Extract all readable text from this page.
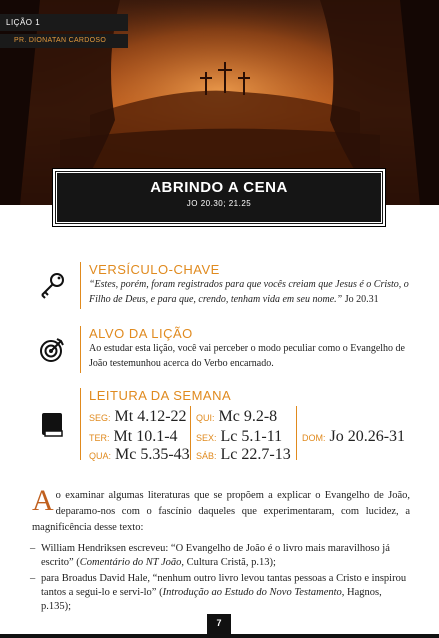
LIÇÃO 1
PR. DIONATAN CARDOSO
ABRINDO A CENA
JO 20.30; 21.25
VERSÍCULO-CHAVE
“Estes, porém, foram registrados para que vocês creiam que Jesus é o Cristo, o Filho de Deus, e para que, crendo, tenham vida em seu nome.” Jo 20.31
ALVO DA LIÇÃO
Ao estudar esta lição, você vai perceber o modo peculiar como o Evangelho de João testemunhou acerca do Verbo encarnado.
LEITURA DA SEMANA
SEG: Mt 4.12-22
TER: Mt 10.1-4
QUA: Mc 5.35-43
QUI: Mc 9.2-8
SEX: Lc 5.1-11
SÁB: Lc 22.7-13
DOM: Jo 20.26-31
Ao examinar algumas literaturas que se propõem a explicar o Evangelho de João, deparamo-nos com o fascínio daqueles que experimentaram, com lucidez, a magnificência desse texto:
– William Hendriksen escreveu: “O Evangelho de João é o livro mais maravilhoso já escrito” (Comentário do NT João, Cultura Cristã, p.13);
– para Broadus David Hale, “nenhum outro livro levou tantas pessoas a Cristo e inspirou tantos a segui-lo e servi-lo” (Introdução ao Estudo do Novo Testamento, Hagnos, p.135);
7
